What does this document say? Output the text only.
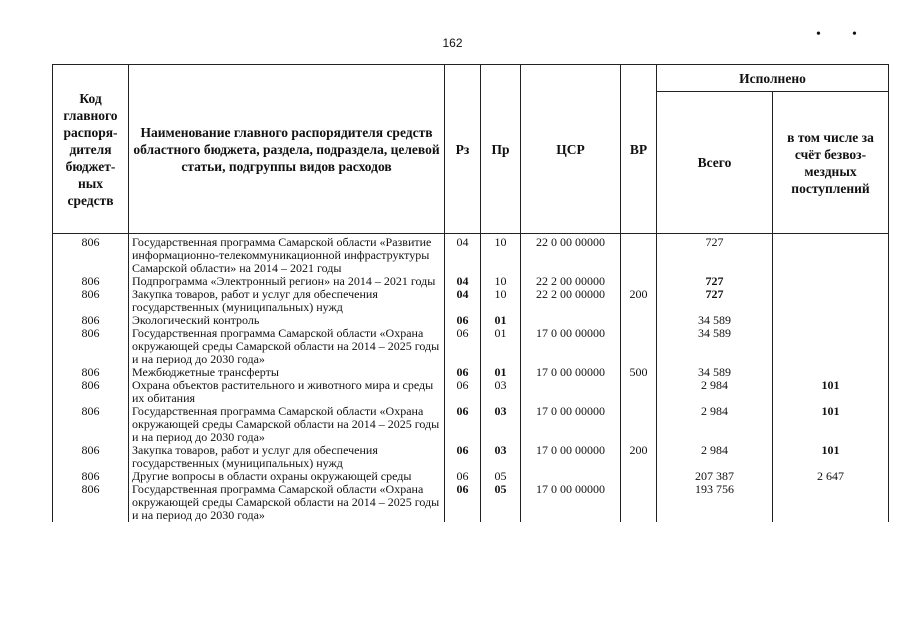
162
• •
Код главного распоря-дителя бюджет-ных средств	Наименование главного распорядителя средств областного бюджета, раздела, подраздела, целевой статьи, подгруппы видов расходов	Рз	Пр	ЦСР	ВР	Исполнено	
						Всего	в том числе за счёт безвоз-мездных поступлений
806	Государственная программа Самарской области «Развитие информационно-телекоммуникационной инфраструктуры Самарской области» на 2014 – 2021 годы	04	10	22 0 00 00000		727	
806	Подпрограмма «Электронный регион» на 2014 – 2021 годы	04	10	22 2 00 00000		727	
806	Закупка товаров, работ и услуг для обеспечения государственных (муниципальных) нужд	04	10	22 2 00 00000	200	727	
806	Экологический контроль	06	01			34 589	
806	Государственная программа Самарской области «Охрана окружающей среды Самарской области на 2014 – 2025 годы и на период до 2030 года»	06	01	17 0 00 00000		34 589	
806	Межбюджетные трансферты	06	01	17 0 00 00000	500	34 589	
806	Охрана объектов растительного и животного мира и среды их обитания	06	03			2 984	101
806	Государственная программа Самарской области «Охрана окружающей среды Самарской области на 2014 – 2025 годы и на период до 2030 года»	06	03	17 0 00 00000		2 984	101
806	Закупка товаров, работ и услуг для обеспечения государственных (муниципальных) нужд	06	03	17 0 00 00000	200	2 984	101
806	Другие вопросы в области охраны окружающей среды	06	05			207 387	2 647
806	Государственная программа Самарской области «Охрана окружающей среды Самарской области на 2014 – 2025 годы и на период до 2030 года»	06	05	17 0 00 00000		193 756	
